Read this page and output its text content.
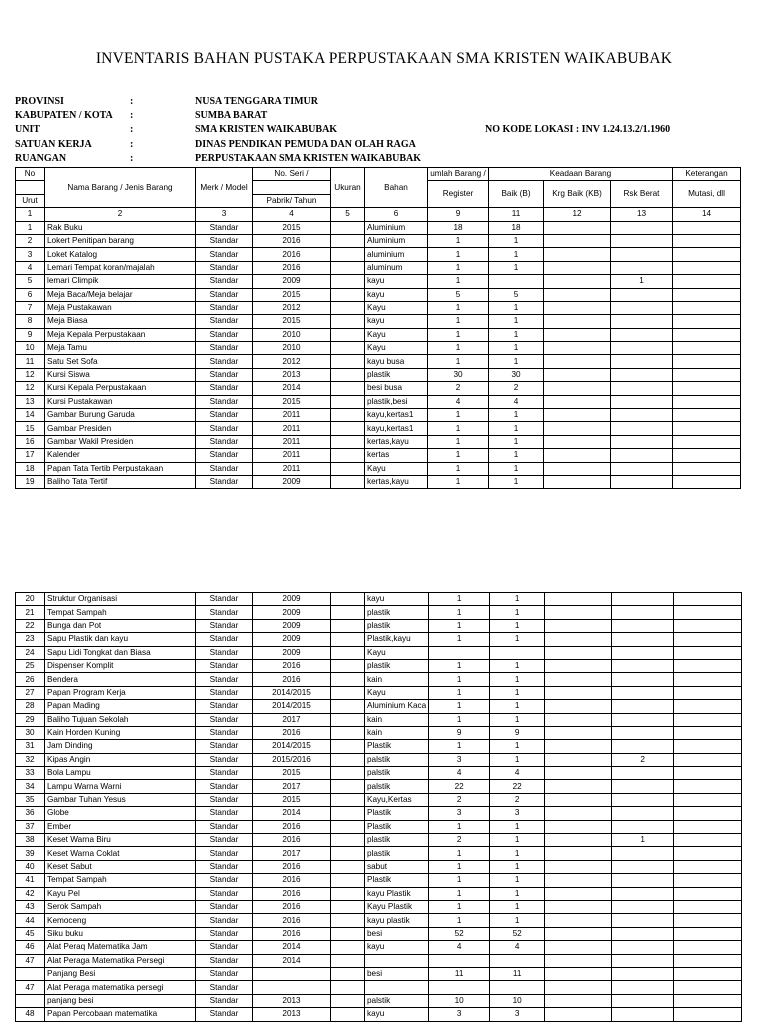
INVENTARIS BAHAN PUSTAKA PERPUSTAKAAN SMA KRISTEN WAIKABUBAK
PROVINSI	:	NUSA TENGGARA TIMUR
KABUPATEN / KOTA :	SUMBA BARAT
UNIT	:	SMA KRISTEN WAIKABUBAK	NO KODE LOKASI : INV 1.24.13.2/1.1960
SATUAN KERJA	:	DINAS PENDIKAN PEMUDA DAN OLAH RAGA
RUANGAN	:	PERPUSTAKAAN SMA KRISTEN WAIKABUBAK
No	Nama Barang / Jenis Barang	Merk / Model	No. Seri /	Ukuran	Bahan	umlah Barang /	Keadaan Barang			Keterangan
						Register	Baik (B)	Krg Baik (KB)	Rsk Berat	Mutasi, dll
Urut			Pabrik/ Tahun							
1	2	3	4	5	6	9	11	12	13	14
1	Rak Buku	Standar	2015		Aluminium	18	18			
2	Lokert Penitipan barang	Standar	2016		Aluminium	1	1			
3	Loket Katalog	Standar	2016		aluminium	1	1			
4	Lemari Tempat koran/majalah	Standar	2016		aluminum	1	1			
5	lemari Climpik	Standar	2009		kayu	1			1	
6	Meja Baca/Meja belajar	Standar	2015		kayu	5	5			
7	Meja Pustakawan	Standar	2012		Kayu	1	1			
8	Meja Biasa	Standar	2015		kayu	1	1			
9	Meja Kepala Perpustakaan	Standar	2010		Kayu	1	1			
10	Meja Tamu	Standar	2010		Kayu	1	1			
11	Satu Set Sofa	Standar	2012		kayu busa	1	1			
12	Kursi Siswa	Standar	2013		plastik	30	30			
12	Kursi Kepala Perpustakaan	Standar	2014		besi busa	2	2			
13	Kursi Pustakawan	Standar	2015		plastik,besi	4	4			
14	Gambar Burung Garuda	Standar	2011		kayu,kertas1	1	1			
15	Gambar Presiden	Standar	2011		kayu,kertas1	1	1			
16	Gambar Wakil Presiden	Standar	2011		kertas,kayu	1	1			
17	Kalender	Standar	2011		kertas	1	1			
18	Papan Tata Tertib Perpustakaan	Standar	2011		Kayu	1	1			
19	Baliho Tata Tertif	Standar	2009		kertas,kayu	1	1			
20	Struktur Organisasi	Standar	2009		kayu	1	1			
21	Tempat Sampah	Standar	2009		plastik	1	1			
22	Bunga dan Pot	Standar	2009		plastik	1	1			
23	Sapu Plastik dan kayu	Standar	2009		Plastik,kayu	1	1			
24	Sapu Lidi Tongkat dan Biasa	Standar	2009		Kayu					
25	Dispenser Komplit	Standar	2016		plastik	1	1			
26	Bendera	Standar	2016		kain	1	1			
27	Papan Program Kerja	Standar	2014/2015		Kayu	1	1			
28	Papan Mading	Standar	2014/2015		Aluminium Kaca	1	1			
29	Baliho Tujuan Sekolah	Standar	2017		kain	1	1			
30	Kain Horden Kuning	Standar	2016		kain	9	9			
31	Jam Dinding	Standar	2014/2015		Plastik	1	1			
32	Kipas Angin	Standar	2015/2016		palstik	3	1		2	
33	Bola Lampu	Standar	2015		palstik	4	4			
34	Lampu Warna Warni	Standar	2017		palstik	22	22			
35	Gambar Tuhan Yesus	Standar	2015		Kayu,Kertas	2	2			
36	Globe	Standar	2014		Plastik	3	3			
37	Ember	Standar	2016		Plastik	1	1			
38	Keset Warna Biru	Standar	2016		plastik	2	1		1	
39	Keset Warna Coklat	Standar	2017		plastik	1	1			
40	Keset Sabut	Standar	2016		sabut	1	1			
41	Tempat Sampah	Standar	2016		Plastik	1	1			
42	Kayu Pel	Standar	2016		kayu Plastik	1	1			
43	Serok Sampah	Standar	2016		Kayu Plastik	1	1			
44	Kemoceng	Standar	2016		kayu plastik	1	1			
45	Siku buku	Standar	2016		besi	52	52			
46	Alat Peraq Matematika Jam	Standar	2014		kayu	4	4			
47	Alat Peraga Matematika Persegi	Standar	2014							
	Panjang Besi	Standar			besi	11	11			
47	Alat Peraga matematika persegi	Standar								
	panjang besi	Standar	2013		palstik	10	10			
48	Papan Percobaan matematika	Standar	2013		kayu	3	3			
